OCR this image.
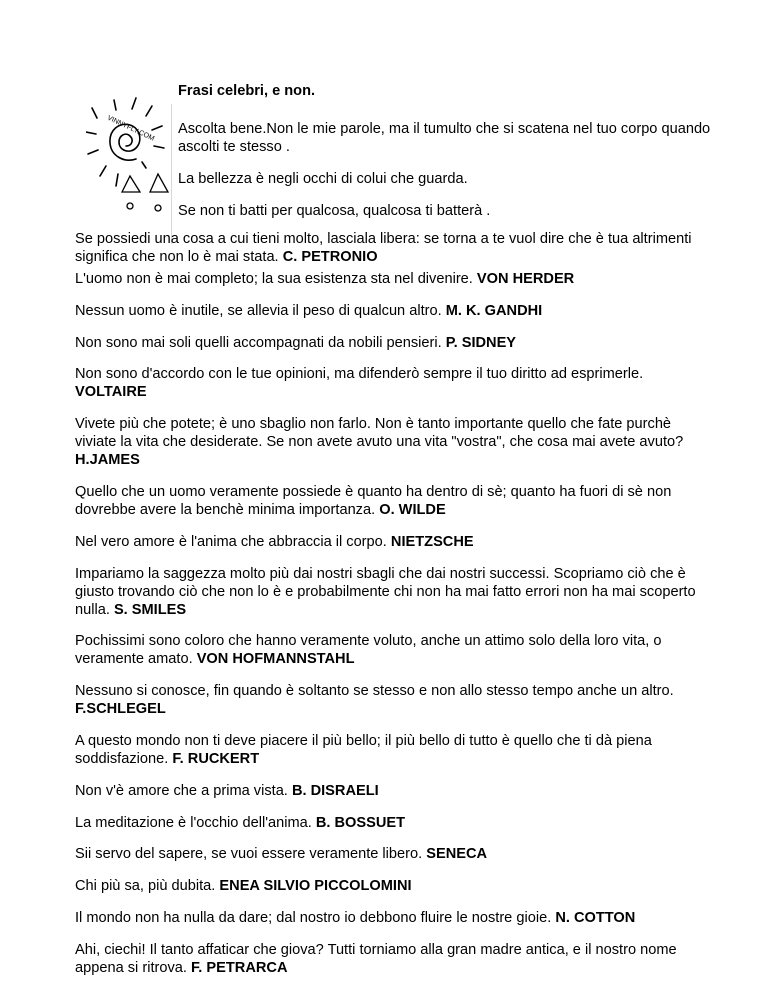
VINNYFLY.COM

Frasi celebri, e non.

Ascolta bene.Non le mie parole, ma il tumulto che si scatena nel tuo corpo quando ascolti te stesso .

La bellezza è negli occhi di colui che guarda.

Se non ti batti per qualcosa, qualcosa ti batterà .

Se possiedi una cosa a cui tieni molto, lasciala libera: se torna a te vuol dire che è tua altrimenti significa che non lo è mai stata. C. PETRONIO

L'uomo non è mai completo; la sua esistenza sta nel divenire. VON HERDER

Nessun uomo è inutile, se allevia il peso di qualcun altro. M. K. GANDHI

Non sono mai soli quelli accompagnati da nobili pensieri. P. SIDNEY

Non sono d'accordo con le tue opinioni, ma difenderò sempre il tuo diritto ad esprimerle. VOLTAIRE

Vivete più che potete; è uno sbaglio non farlo. Non è tanto importante quello che fate purchè viviate la vita che desiderate. Se non avete avuto una vita "vostra", che cosa mai avete avuto? H.JAMES

Quello che un uomo veramente possiede è quanto ha dentro di sè; quanto ha fuori di sè non dovrebbe avere la benchè minima importanza. O. WILDE

Nel vero amore è l'anima che abbraccia il corpo. NIETZSCHE

Impariamo la saggezza molto più dai nostri sbagli che dai nostri successi. Scopriamo ciò che è giusto trovando ciò che non lo è e probabilmente chi non ha mai fatto errori non ha mai scoperto nulla. S. SMILES

Pochissimi sono coloro che hanno veramente voluto, anche un attimo solo della loro vita, o veramente amato. VON HOFMANNSTAHL

Nessuno si conosce, fin quando è soltanto se stesso e non allo stesso tempo anche un altro. F.SCHLEGEL

A questo mondo non ti deve piacere il più bello; il più bello di tutto è quello che ti dà piena soddisfazione. F. RUCKERT

Non v'è amore che a prima vista. B. DISRAELI

La meditazione è l'occhio dell'anima. B. BOSSUET

Sii servo del sapere, se vuoi essere veramente libero. SENECA

Chi più sa, più dubita. ENEA SILVIO PICCOLOMINI

Il mondo non ha nulla da dare; dal nostro io debbono fluire le nostre gioie. N. COTTON

Ahi, ciechi! Il tanto affaticar che giova? Tutti torniamo alla gran madre antica, e il nostro nome appena si ritrova. F. PETRARCA
